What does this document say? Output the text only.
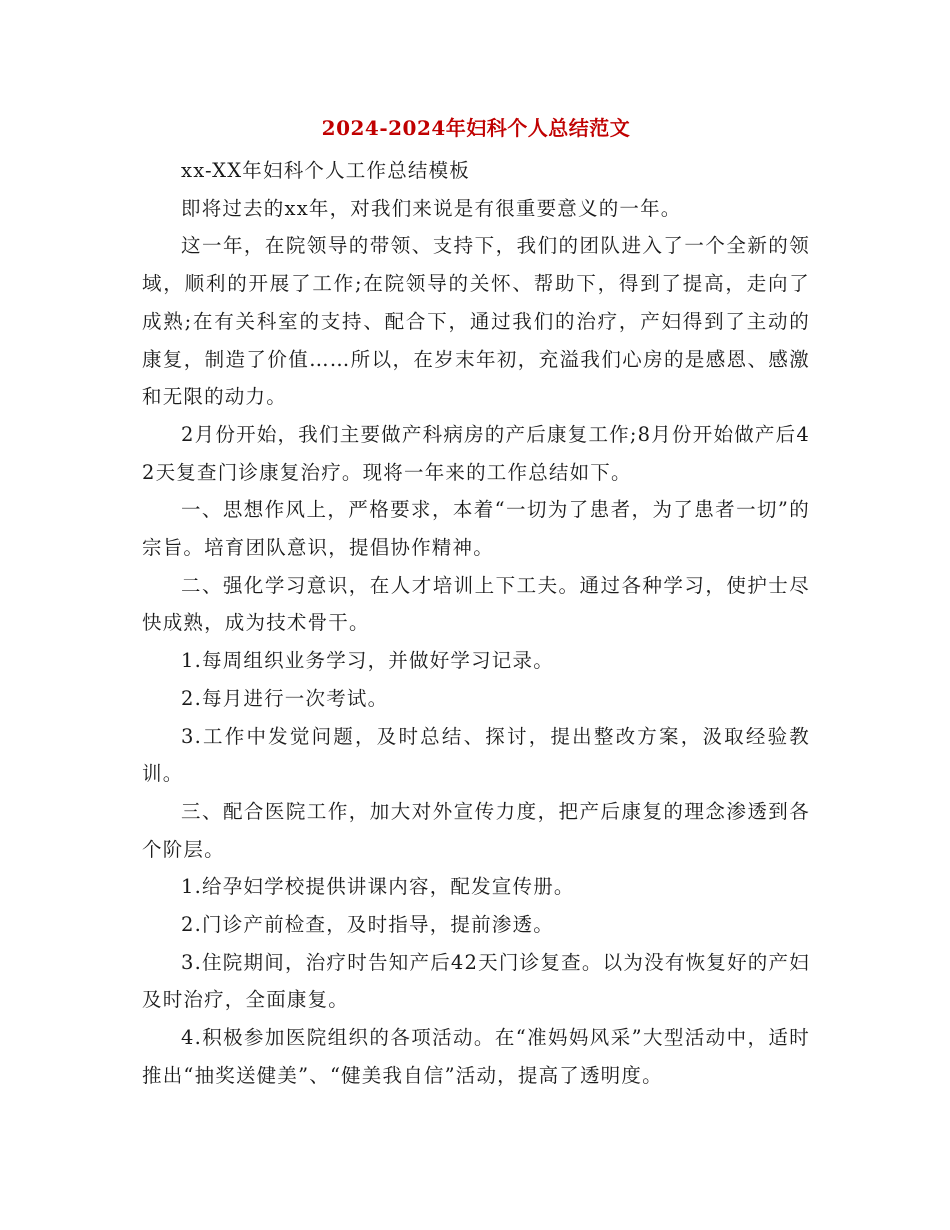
2024-2024年妇科个人总结范文

xx-XX年妇科个人工作总结模板

即将过去的xx年，对我们来说是有很重要意义的一年。

这一年，在院领导的带领、支持下，我们的团队进入了一个全新的领域，顺利的开展了工作;在院领导的关怀、帮助下，得到了提高，走向了成熟;在有关科室的支持、配合下，通过我们的治疗，产妇得到了主动的康复，制造了价值……所以，在岁末年初，充溢我们心房的是感恩、感激和无限的动力。

2月份开始，我们主要做产科病房的产后康复工作;8月份开始做产后42天复查门诊康复治疗。现将一年来的工作总结如下。

一、思想作风上，严格要求，本着“一切为了患者，为了患者一切”的宗旨。培育团队意识，提倡协作精神。

二、强化学习意识，在人才培训上下工夫。通过各种学习，使护士尽快成熟，成为技术骨干。

1.每周组织业务学习，并做好学习记录。

2.每月进行一次考试。

3.工作中发觉问题，及时总结、探讨，提出整改方案，汲取经验教训。

三、配合医院工作，加大对外宣传力度，把产后康复的理念渗透到各个阶层。

1.给孕妇学校提供讲课内容，配发宣传册。

2.门诊产前检查，及时指导，提前渗透。

3.住院期间，治疗时告知产后42天门诊复查。以为没有恢复好的产妇及时治疗，全面康复。

4.积极参加医院组织的各项活动。在“准妈妈风采”大型活动中，适时推出“抽奖送健美”、“健美我自信”活动，提高了透明度。
